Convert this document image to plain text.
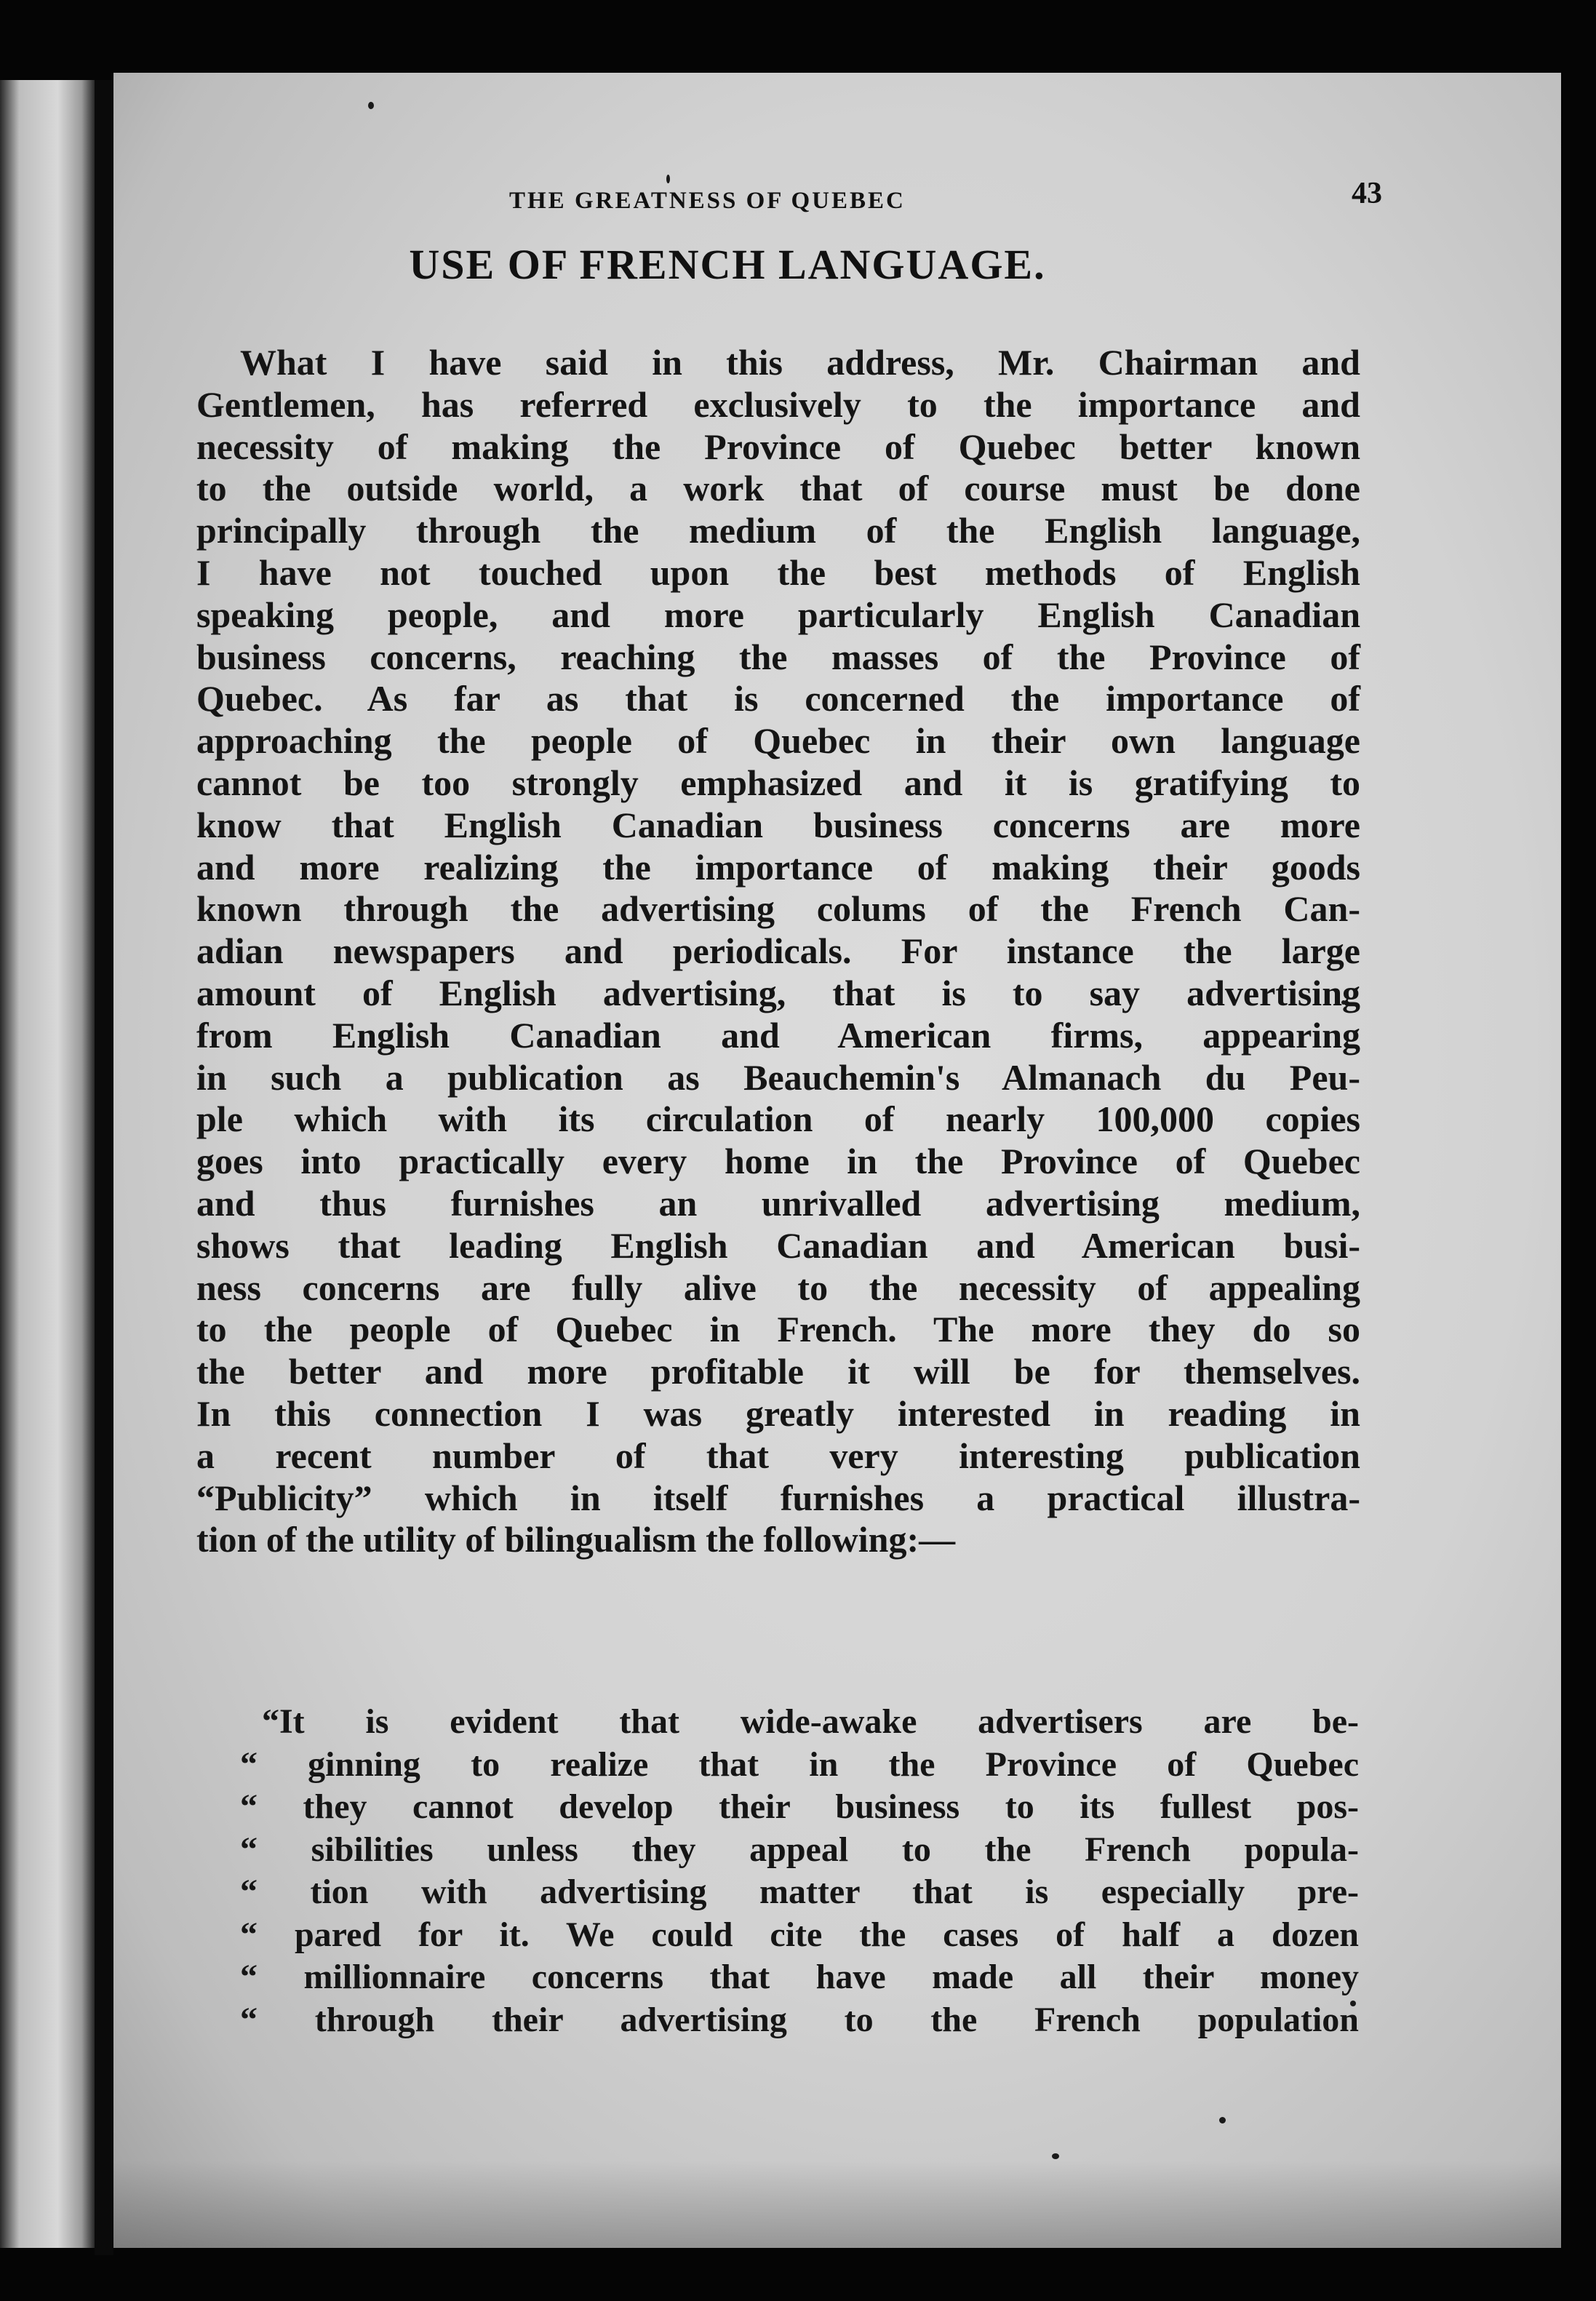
THE GREATNESS OF QUEBEC	43
USE OF FRENCH LANGUAGE.
What I have said in this address, Mr. Chairman and
Gentlemen, has referred exclusively to the importance and
necessity of making the Province of Quebec better known
to the outside world, a work that of course must be done
principally through the medium of the English language,
I have not touched upon the best methods of English
speaking people, and more particularly English Canadian
business concerns, reaching the masses of the Province of
Quebec. As far as that is concerned the importance of
approaching the people of Quebec in their own language
cannot be too strongly emphasized and it is gratifying to
know that English Canadian business concerns are more
and more realizing the importance of making their goods
known through the advertising colums of the French Can-
adian newspapers and periodicals. For instance the large
amount of English advertising, that is to say advertising
from English Canadian and American firms, appearing
in such a publication as Beauchemin's Almanach du Peu-
ple which with its circulation of nearly 100,000 copies
goes into practically every home in the Province of Quebec
and thus furnishes an unrivalled advertising medium,
shows that leading English Canadian and American busi-
ness concerns are fully alive to the necessity of appealing
to the people of Quebec in French. The more they do so
the better and more profitable it will be for themselves.
In this connection I was greatly interested in reading in
a recent number of that very interesting publication
“Publicity” which in itself furnishes a practical illustra-
tion of the utility of bilingualism the following:—
“It is evident that wide-awake advertisers are be-
“ ginning to realize that in the Province of Quebec
“ they cannot develop their business to its fullest pos-
“ sibilities unless they appeal to the French popula-
“ tion with advertising matter that is especially pre-
“ pared for it. We could cite the cases of half a dozen
“ millionnaire concerns that have made all their money
“ through their advertising to the French population
